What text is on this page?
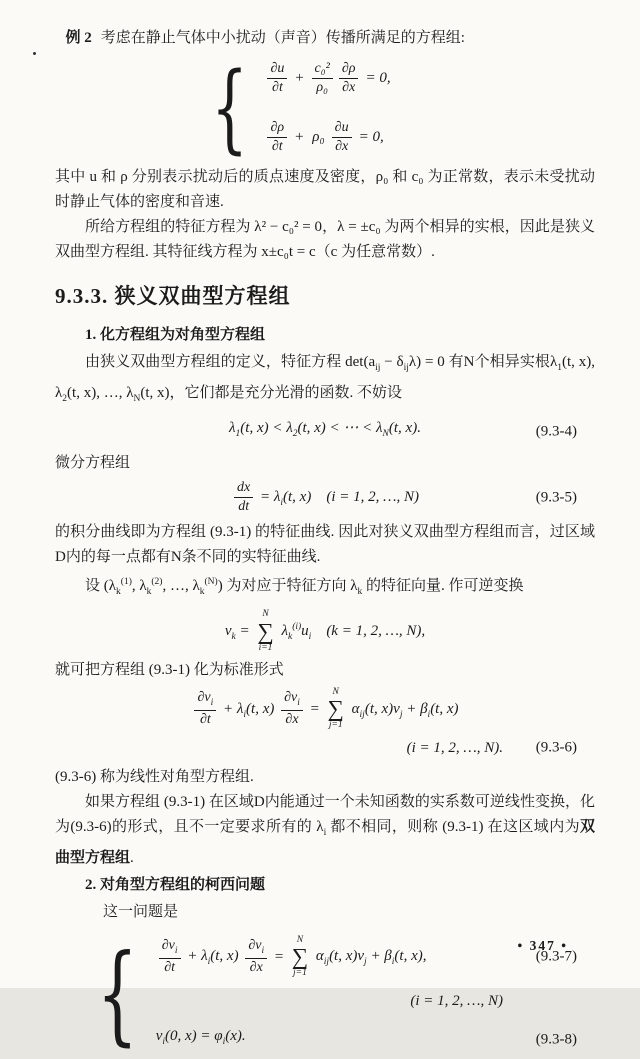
例 2 考虑在静止气体中小扰动（声音）传播所满足的方程组:

{ $\frac{\partial u}{\partial t} + \frac{\text{c₀²}}{\text{ρ₀}} \frac{\partial\rho}{\partial x} = 0$,
$\frac{\partial\rho}{\partial t} + \rho_0 \frac{\partial u}{\partial x} = 0$,

其中 u 和 ρ 分别表示扰动后的质点速度及密度，ρ₀ 和 c₀ 为正常数，表示未受扰动时静止气体的密度和音速.

所给方程组的特征方程为 λ² − c₀² = 0，λ = ±c₀ 为两个相异的实根，因此是狭义双曲型方程组. 其特征线方程为 x±c₀t = c（c 为任意常数）.

9.3.3. 狭义双曲型方程组

1. 化方程组为对角型方程组

由狭义双曲型方程组的定义，特征方程 $\det(a_{ij} - \delta_{ij}\lambda) = 0$ 有N个相异实根$\lambda_1(t$, x), $\lambda_2(t$, x), …, $\lambda_N(t$, x)，它们都是充分光滑的函数. 不妨设

$\lambda_1(t$, $x) < \lambda_2(t$, x) < ⋯ < $\lambda_N(t$, x).	(9.3-4)

微分方程组

$\frac{dx}{dt} = \lambda_i(t$, x) (i = 1, 2, …, N)	(9.3-5)

的积分曲线即为方程组 (9.3-1) 的特征曲线. 因此对狭义双曲型方程组而言，过区域D内的每一点都有N条不同的实特征曲线.

设 ($\lambda_k^{(1)}$, $\lambda_k^{(2)}$, …, $\lambda_k^{(N)}$) 为对应于特征方向 $\lambda_k$ 的特征向量. 作可逆变换

$v_k$ =
N
∑
i=1
$\lambda_k^{(i)}u_i$ (k = 1, 2, …, N),

就可把方程组 (9.3-1) 化为标准形式

$\frac{\partial v_i}{\partial t} + \lambda_i(t$, $x) \frac{\partial v_i}{\partial x}$ =
N
∑
j=1
$\alpha_{ij}(t$, $x)v_j + \beta_i(t$, x)
(i = 1, 2, …, N). (9.3-6)

(9.3-6) 称为线性对角型方程组.

如果方程组 (9.3-1) 在区域D内能通过一个未知函数的实系数可逆线性变换，化为(9.3-6)的形式，且不一定要求所有的 $\lambda_i$ 都不相同，则称 (9.3-1) 在这区域内为双曲型方程组.

2. 对角型方程组的柯西问题

这一问题是

{ $\frac{\partial v_i}{\partial t} + \lambda_i(t$, $x) \frac{\partial v_i}{\partial x}$ =
N
∑
j=1
$\alpha_{ij}(t$, $x)v_j + \beta_i(t$, x),	(9.3-7)
(i = 1, 2, …, N)
$v_i(0$, $x) = \varphi_i(x)$.	(9.3-8)
• 347 •
